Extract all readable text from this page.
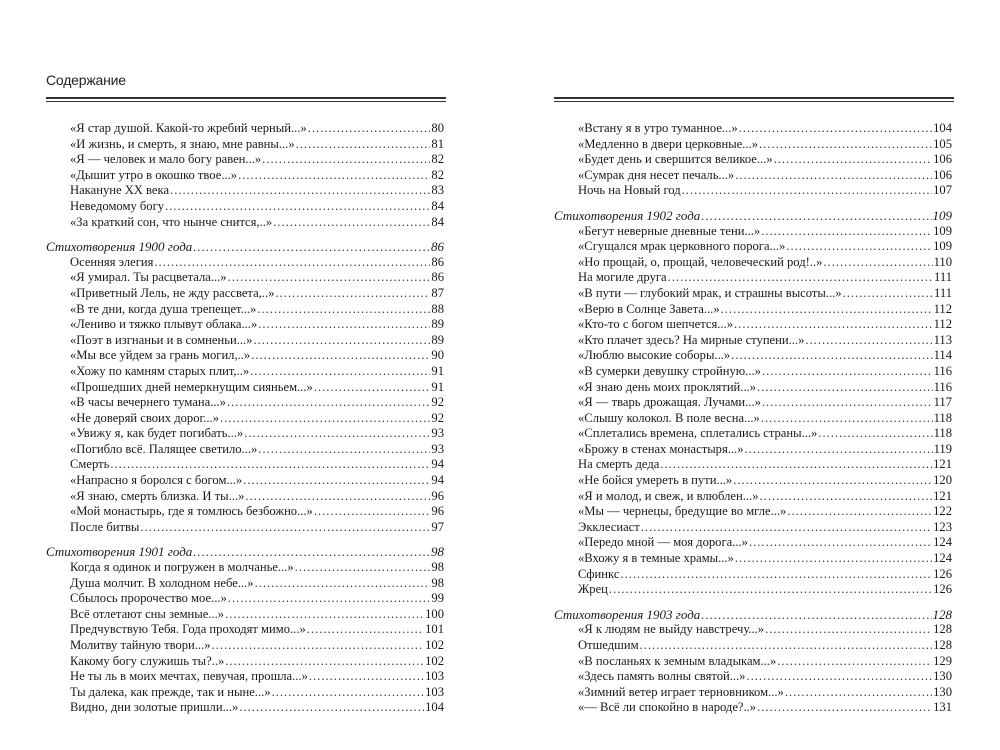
Содержание
«Я стар душой. Какой-то жребий черный...» .....	80
«И жизнь, и смерть, я знаю, мне равны...» .....	81
«Я — человек и мало богу равен...» .....	82
«Дышит утро в окошко твое...» .....	82
Накануне XX века .....	83
Неведомому богу .....	84
«За краткий сон, что нынче снится,..» .....	84
Стихотворения 1900 года .....	86
Осенняя элегия .....	86
«Я умирал. Ты расцветала...» .....	86
«Приветный Лель, не жду рассвета,..» .....	87
«В те дни, когда душа трепещет...» .....	88
«Лениво и тяжко плывут облака...» .....	89
«Поэт в изгнаньи и в сомненьи...» .....	89
«Мы все уйдем за грань могил,..» .....	90
«Хожу по камням старых плит,..» .....	91
«Прошедших дней немеркнущим сияньем...» .....	91
«В часы вечернего тумана...» .....	92
«Не доверяй своих дорог...» .....	92
«Увижу я, как будет погибать...» .....	93
«Погибло всё. Палящее светило...» .....	93
Смерть .....	94
«Напрасно я боролся с богом...» .....	94
«Я знаю, смерть близка. И ты...» .....	96
«Мой монастырь, где я томлюсь безбожно...» .....	96
После битвы .....	97
Стихотворения 1901 года .....	98
Когда я одинок и погружен в молчанье...» .....	98
Душа молчит. В холодном небе...» .....	98
Сбылось пророчество мое...» .....	99
Всё отлетают сны земные...» .....	100
Предчувствую Тебя. Года проходят мимо...» .....	101
Молитву тайную твори...» .....	102
Какому богу служишь ты?..» .....	102
Не ты ль в моих мечтах, певучая, прошла...» .....	103
Ты далека, как прежде, так и ныне...» .....	103
Видно, дни золотые пришли...» .....	104
«Встану я в утро туманное...» .....	104
«Медленно в двери церковные...» .....	105
«Будет день и свершится великое...» .....	106
«Сумрак дня несет печаль...» .....	106
Ночь на Новый год .....	107
Стихотворения 1902 года .....	109
«Бегут неверные дневные тени...» .....	109
«Сгущался мрак церковного порога...» .....	109
«Но прощай, о, прощай, человеческий род!..» .....	110
На могиле друга .....	111
«В пути — глубокий мрак, и страшны высоты...» .....	111
«Верю в Солнце Завета...» .....	112
«Кто-то с богом шепчется...» .....	112
«Кто плачет здесь? На мирные ступени...» .....	113
«Люблю высокие соборы...» .....	114
«В сумерки девушку стройную...» .....	116
«Я знаю день моих проклятий...» .....	116
«Я — тварь дрожащая. Лучами...» .....	117
«Слышу колокол. В поле весна...» .....	118
«Сплетались времена, сплетались страны...» .....	118
«Брожу в стенах монастыря...» .....	119
На смерть деда .....	121
«Не бойся умереть в пути...» .....	120
«Я и молод, и свеж, и влюблен...» .....	121
«Мы — чернецы, бредущие во мгле...» .....	122
Экклесиаст .....	123
«Передо мной — моя дорога...» .....	124
«Вхожу я в темные храмы...» .....	124
Сфинкс .....	126
Жрец .....	126
Стихотворения 1903 года .....	128
«Я к людям не выйду навстречу...» .....	128
Отшедшим .....	128
«В посланьях к земным владыкам...» .....	129
«Здесь память волны святой...» .....	130
«Зимний ветер играет терновником...» .....	130
«— Всё ли спокойно в народе?..» .....	131
